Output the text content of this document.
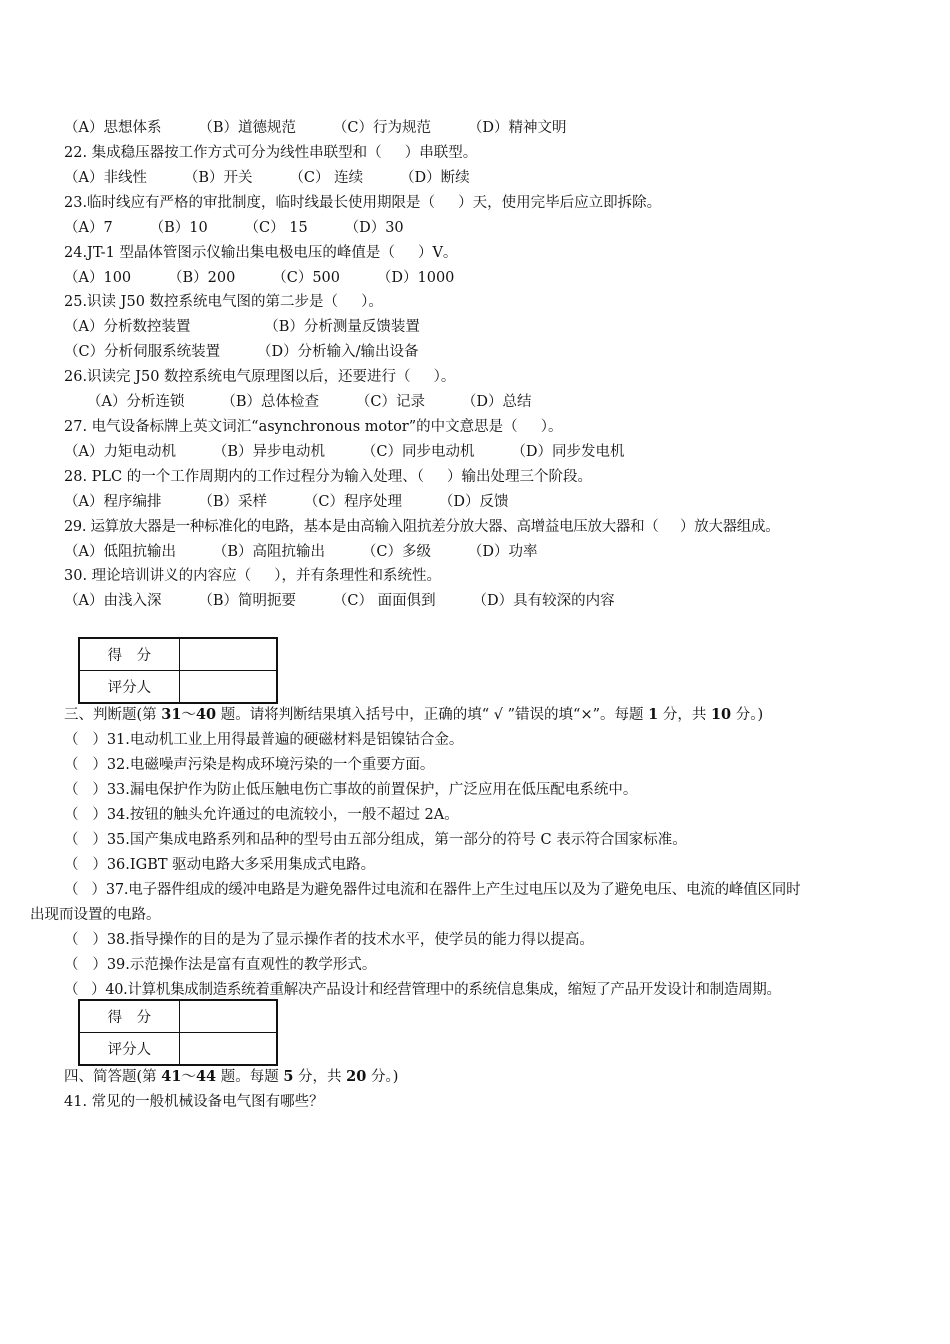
（A）思想体系        （B）道德规范        （C）行为规范        （D）精神文明
22. 集成稳压器按工作方式可分为线性串联型和（     ）串联型。
（A）非线性        （B）开关        （C） 连续        （D）断续
23.临时线应有严格的审批制度，临时线最长使用期限是（     ）天，使用完毕后应立即拆除。
（A）7        （B）10        （C） 15        （D）30
24.JT-1 型晶体管图示仪输出集电极电压的峰值是（     ）V。
（A）100        （B）200        （C）500        （D）1000
25.识读 J50 数控系统电气图的第二步是（     ）。
（A）分析数控装置                （B）分析测量反馈装置
（C）分析伺服系统装置        （D）分析输入/输出设备
26.识读完 J50 数控系统电气原理图以后，还要进行（     ）。
（A）分析连锁        （B）总体检查        （C）记录        （D）总结
27. 电气设备标牌上英文词汇“asynchronous motor”的中文意思是（     ）。
（A）力矩电动机        （B）异步电动机        （C）同步电动机        （D）同步发电机
28. PLC 的一个工作周期内的工作过程分为输入处理、（     ）输出处理三个阶段。
（A）程序编排        （B）采样        （C）程序处理        （D）反馈
29. 运算放大器是一种标准化的电路，基本是由高输入阻抗差分放大器、高增益电压放大器和（     ）放大器组成。
（A）低阻抗输出        （B）高阻抗输出        （C）多级        （D）功率
30. 理论培训讲义的内容应（     ），并有条理性和系统性。
（A）由浅入深        （B）简明扼要        （C） 面面俱到        （D）具有较深的内容
得　分	
评分人	
三、判断题(第 31～40 题。请将判断结果填入括号中，正确的填“ √ ”错误的填“×”。每题 1 分，共 10 分。)
（   ）31.电动机工业上用得最普遍的硬磁材料是铝镍钴合金。
（   ）32.电磁噪声污染是构成环境污染的一个重要方面。
（   ）33.漏电保护作为防止低压触电伤亡事故的前置保护，广泛应用在低压配电系统中。
（   ）34.按钮的触头允许通过的电流较小，一般不超过 2A。
（   ）35.国产集成电路系列和品种的型号由五部分组成，第一部分的符号 C 表示符合国家标准。
（   ）36.IGBT 驱动电路大多采用集成式电路。
（   ）37.电子器件组成的缓冲电路是为避免器件过电流和在器件上产生过电压以及为了避免电压、电流的峰值区同时
出现而设置的电路。
（   ）38.指导操作的目的是为了显示操作者的技术水平，使学员的能力得以提高。
（   ）39.示范操作法是富有直观性的教学形式。
（   ）40.计算机集成制造系统着重解决产品设计和经营管理中的系统信息集成，缩短了产品开发设计和制造周期。
得　分	
评分人	
四、简答题(第 41～44 题。每题 5 分，共 20 分。)
41. 常见的一般机械设备电气图有哪些？
